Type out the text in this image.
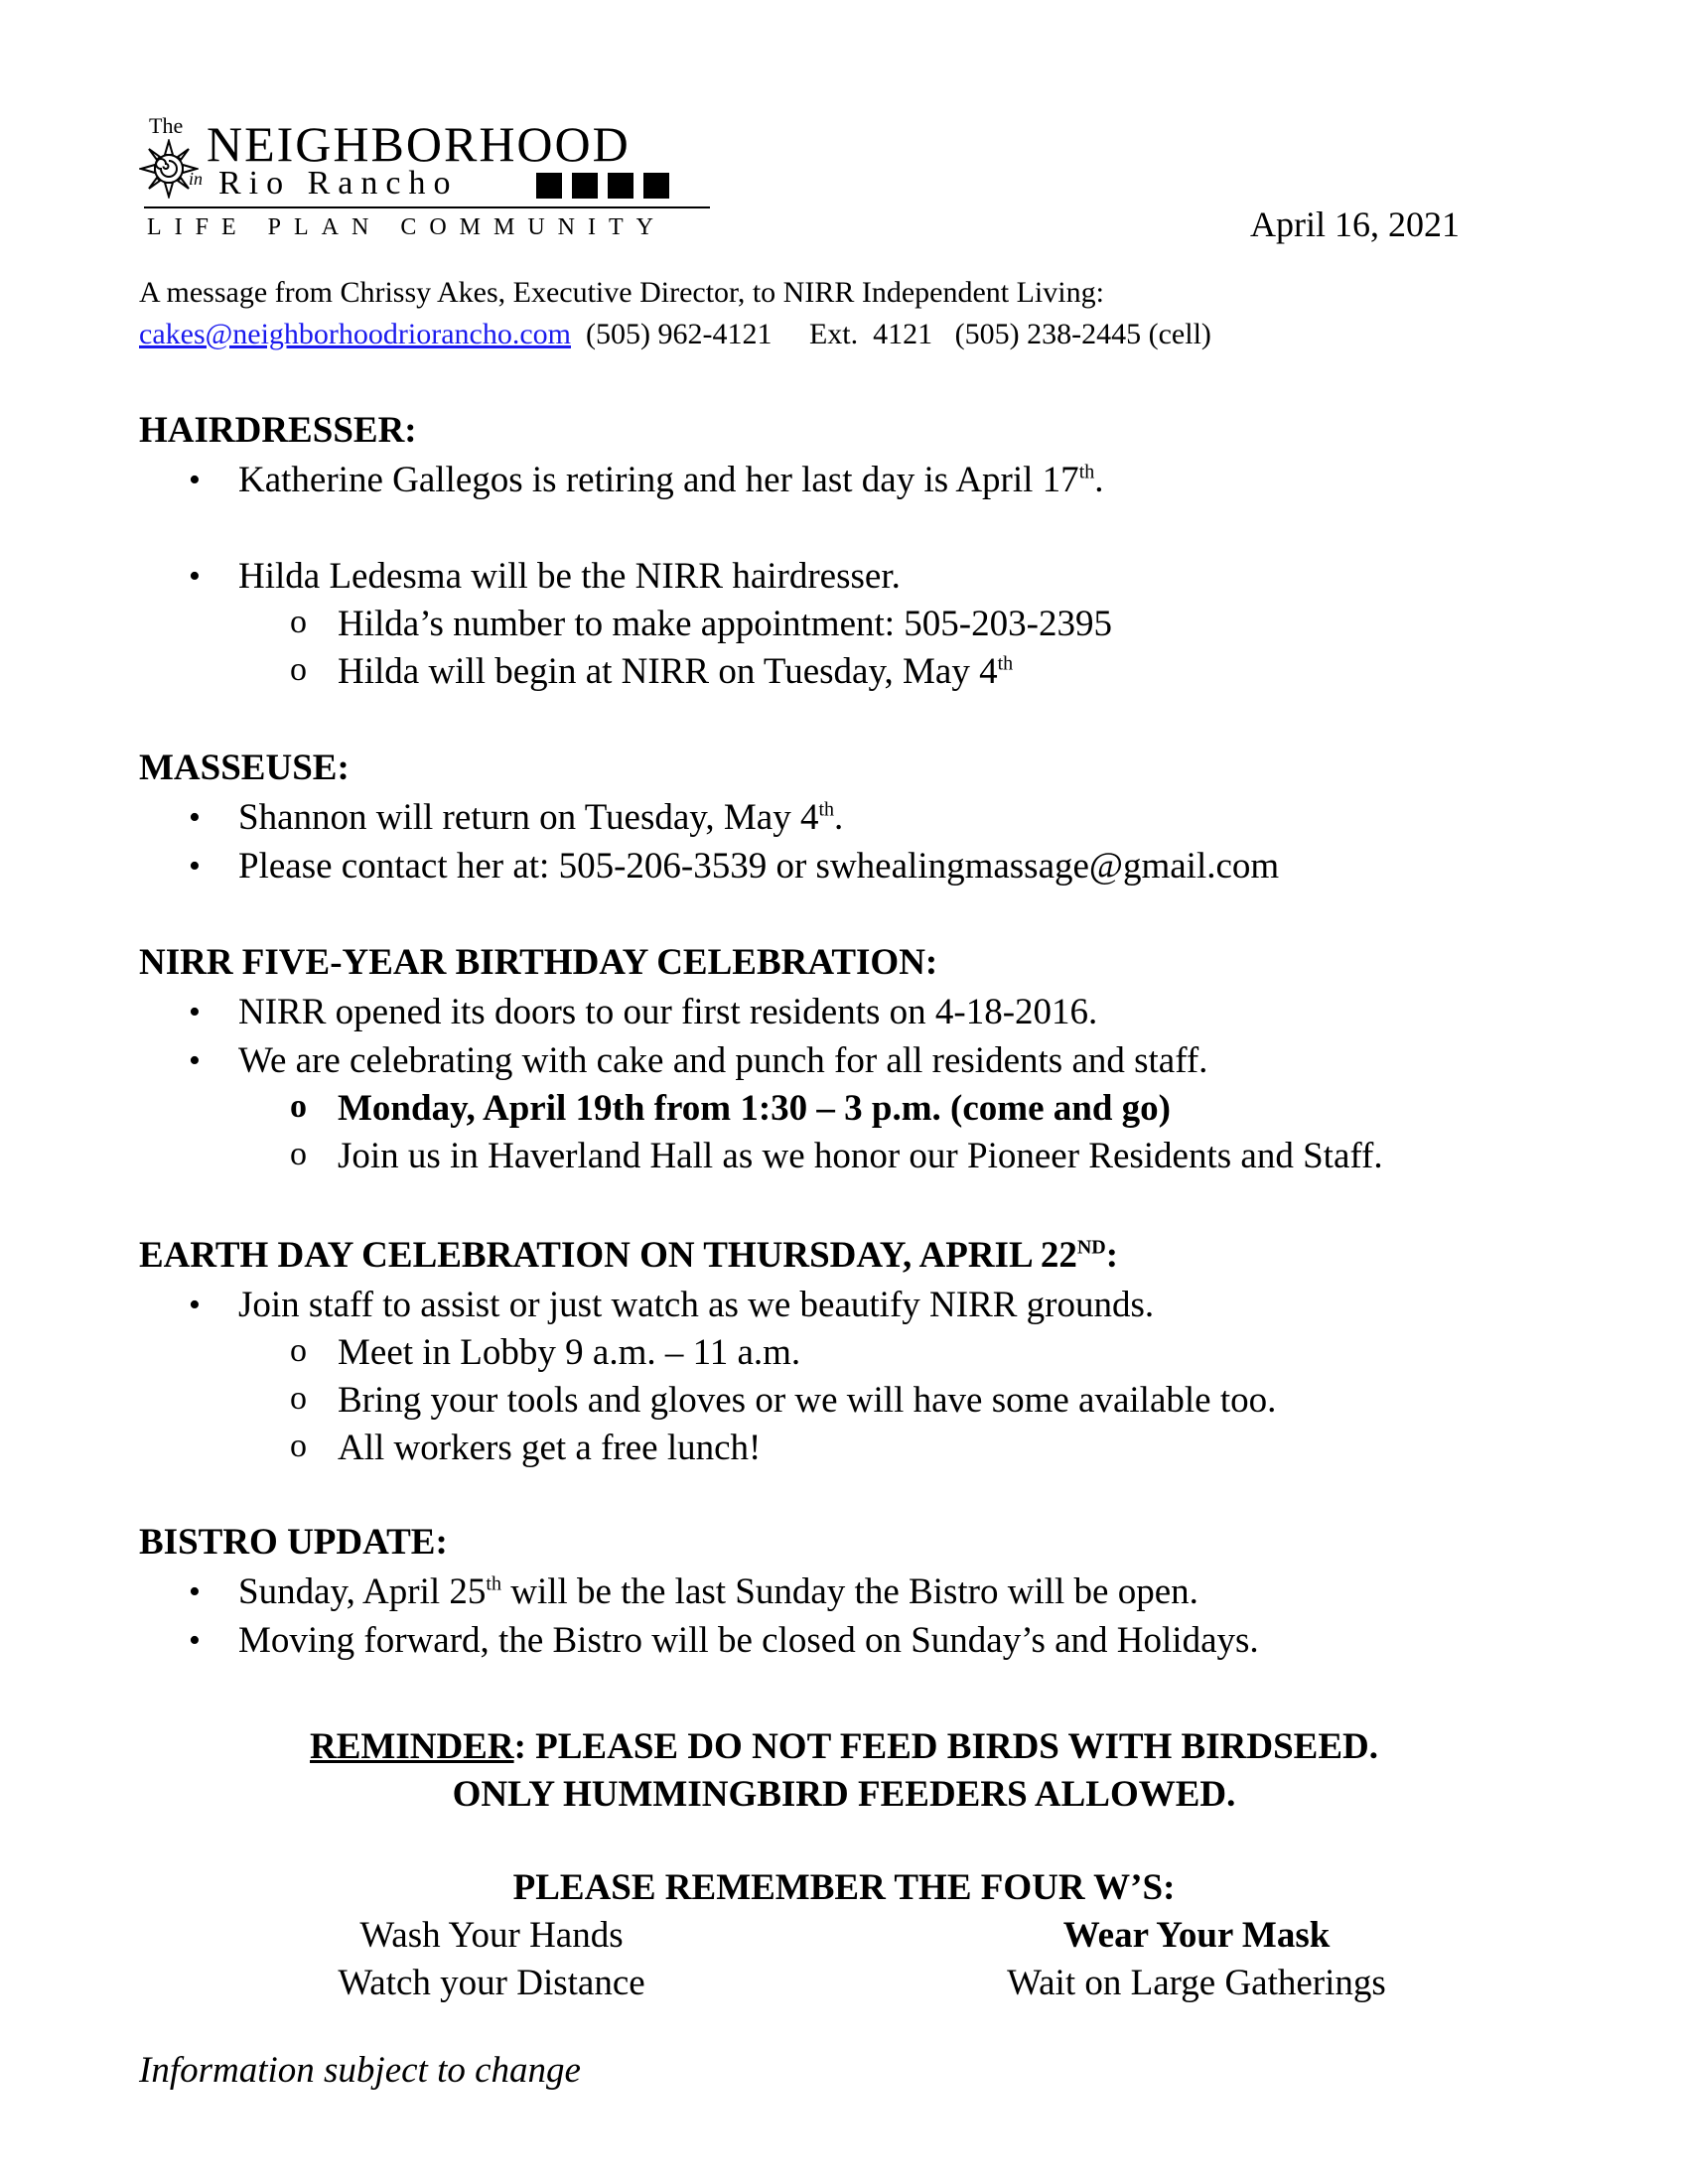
The NEIGHBORHOOD
in Rio Rancho
LIFE PLAN COMMUNITY	April 16, 2021
A message from Chrissy Akes, Executive Director, to NIRR Independent Living:
cakes@neighborhoodriorancho.com (505) 962-4121 Ext.  4121 (505) 238-2445 (cell)
HAIRDRESSER:
• Katherine Gallegos is retiring and her last day is April 17th.
• Hilda Ledesma will be the NIRR hairdresser.
o Hilda’s number to make appointment: 505-203-2395
o Hilda will begin at NIRR on Tuesday, May 4th
MASSEUSE:
• Shannon will return on Tuesday, May 4th.
• Please contact her at: 505-206-3539 or swhealingmassage@gmail.com
NIRR FIVE-YEAR BIRTHDAY CELEBRATION:
• NIRR opened its doors to our first residents on 4-18-2016.
• We are celebrating with cake and punch for all residents and staff.
o Monday, April 19th from 1:30 – 3 p.m. (come and go)
o Join us in Haverland Hall as we honor our Pioneer Residents and Staff.
EARTH DAY CELEBRATION ON THURSDAY, APRIL 22ND:
• Join staff to assist or just watch as we beautify NIRR grounds.
o Meet in Lobby 9 a.m. – 11 a.m.
o Bring your tools and gloves or we will have some available too.
o All workers get a free lunch!
BISTRO UPDATE:
• Sunday, April 25th will be the last Sunday the Bistro will be open.
• Moving forward, the Bistro will be closed on Sunday’s and Holidays.
REMINDER: PLEASE DO NOT FEED BIRDS WITH BIRDSEED.
ONLY HUMMINGBIRD FEEDERS ALLOWED.
PLEASE REMEMBER THE FOUR W’S:
Wash Your Hands	Wear Your Mask
Watch your Distance	Wait on Large Gatherings
Information subject to change
